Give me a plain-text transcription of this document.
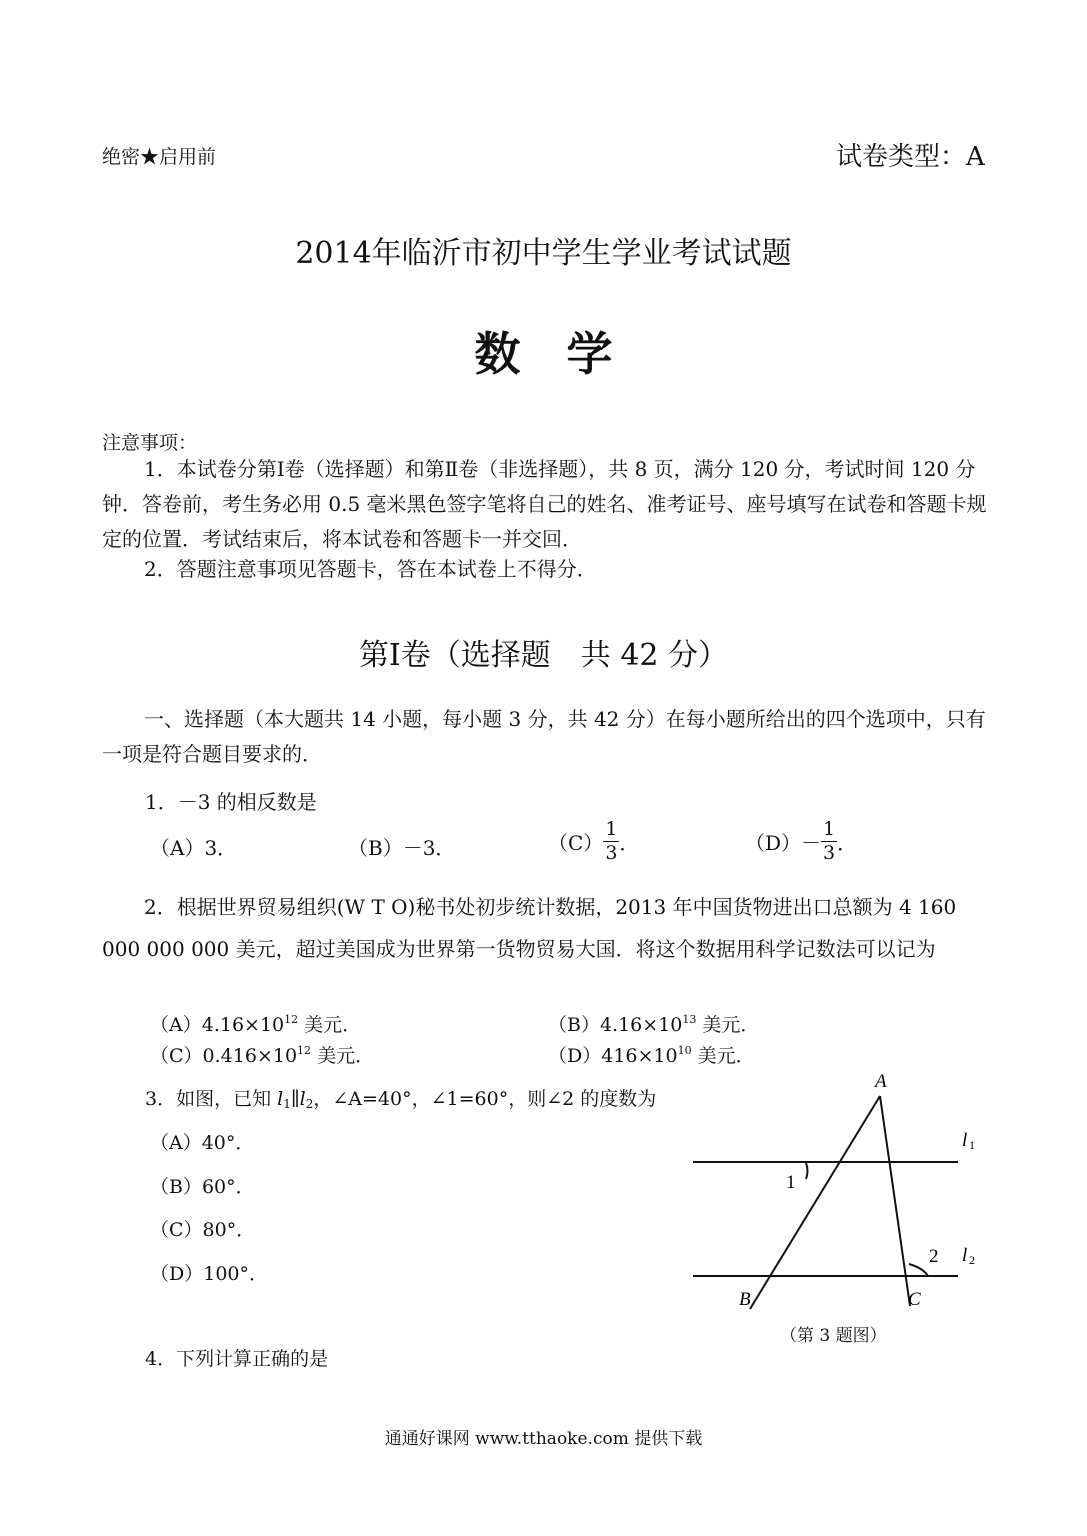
绝密★启用前	试卷类型：A
2014年临沂市初中学生学业考试试题
数　学
注意事项：
1．本试卷分第Ⅰ卷（选择题）和第Ⅱ卷（非选择题），共 8 页，满分 120 分，考试时间 120 分钟．答卷前，考生务必用 0.5 毫米黑色签字笔将自己的姓名、准考证号、座号填写在试卷和答题卡规定的位置．考试结束后，将本试卷和答题卡一并交回．
2．答题注意事项见答题卡，答在本试卷上不得分．
第Ⅰ卷（选择题　共 42 分）
一、选择题（本大题共 14 小题，每小题 3 分，共 42 分）在每小题所给出的四个选项中，只有一项是符合题目要求的．
1．－3 的相反数是
（A）3．	（B）－3．	$(C) \frac{1}{3}$ ．	$(D)- \frac{1}{3}$ ．
2．根据世界贸易组织(W T O)秘书处初步统计数据，2013 年中国货物进出口总额为 4 160 000 000 000 美元，超过美国成为世界第一货物贸易大国．将这个数据用科学记数法可以记为
$(A)4.16\times 10^{12}$ 美元．	$(B)4.16\times 10^{13}$ 美元．
$(C)0.416\times 10^{12}$ 美元．	$(D)416\times 10^{10}$ 美元．
3．如图，已知 $l_1\parallel l_2$，∠A=40°，∠1=60°，则∠2 的度数为
（A）40°．
（B）60°．
（C）80°．
（D）100°．
A
B	C
1
2
l 1
l 2
（第 3 题图）
4．下列计算正确的是
通通好课网 www.tthaoke.com 提供下载
